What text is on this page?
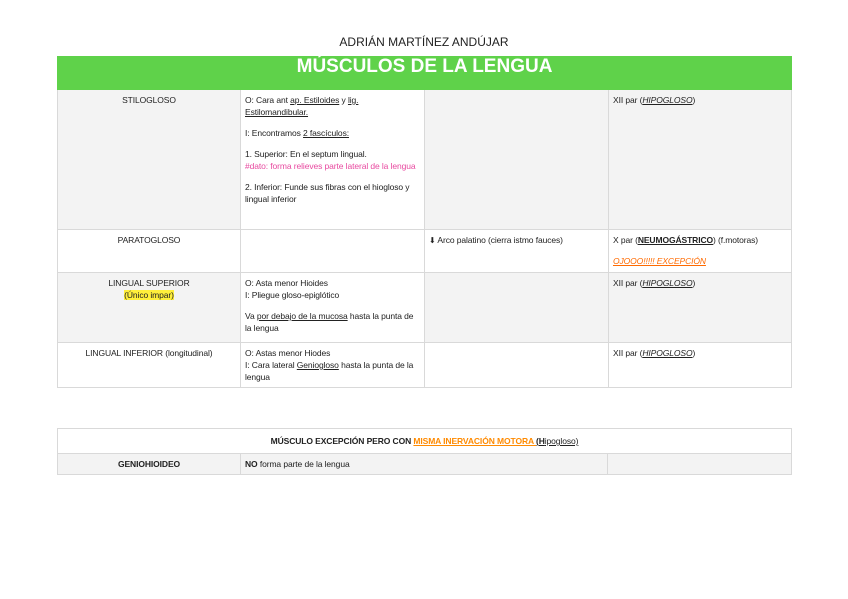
ADRIÁN MARTÍNEZ ANDÚJAR
MÚSCULOS DE LA LENGUA			
STILOGLOSO	O: Cara ant ap. Estiloides y lig. Estilomandibular.
I: Encontramos 2 fascículos:
1. Superior: En el septum lingual.
#dato: forma relieves parte lateral de la lengua
2. Inferior: Funde sus fibras con el hiogloso y lingual inferior		XII par (HIPOGLOSO)
PARATOGLOSO		⬇ Arco palatino (cierra istmo fauces)	X par (NEUMOGÁSTRICO) (f.motoras)
OJOOO!!!!! EXCEPCIÓN
LINGUAL SUPERIOR
(Único impar)	O: Asta menor Hioides
I: Pliegue gloso-epiglótico
Va por debajo de la mucosa hasta la punta de la lengua		XII par (HIPOGLOSO)
LINGUAL INFERIOR (longitudinal)	O: Astas menor Hiodes
I: Cara lateral Geniogloso hasta la punta de la lengua		XII par (HIPOGLOSO)
MÚSCULO EXCEPCIÓN PERO CON MISMA INERVACIÓN MOTORA (Hipogloso)
GENIOHIOIDEO	NO forma parte de la lengua	
